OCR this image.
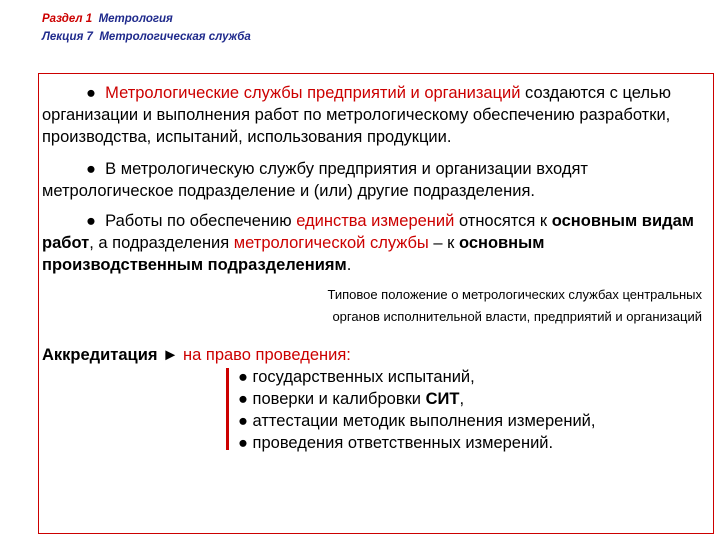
Раздел 1 Метрология
Лекция 7 Метрологическая служба
● Метрологические службы предприятий и организаций создаются с целью организации и выполнения работ по метрологическому обеспечению разработки, производства, испытаний, использования продукции.
● В метрологическую службу предприятия и организации входят метрологическое подразделение и (или) другие подразделения.
● Работы по обеспечению единства измерений относятся к основным видам работ, а подразделения метрологической службы – к основным производственным подразделениям.
Типовое положение о метрологических службах центральных
органов исполнительной власти, предприятий и организаций
Аккредитация ► на право проведения:
● государственных испытаний,
● поверки и калибровки СИТ,
● аттестации методик выполнения измерений,
● проведения ответственных измерений.
